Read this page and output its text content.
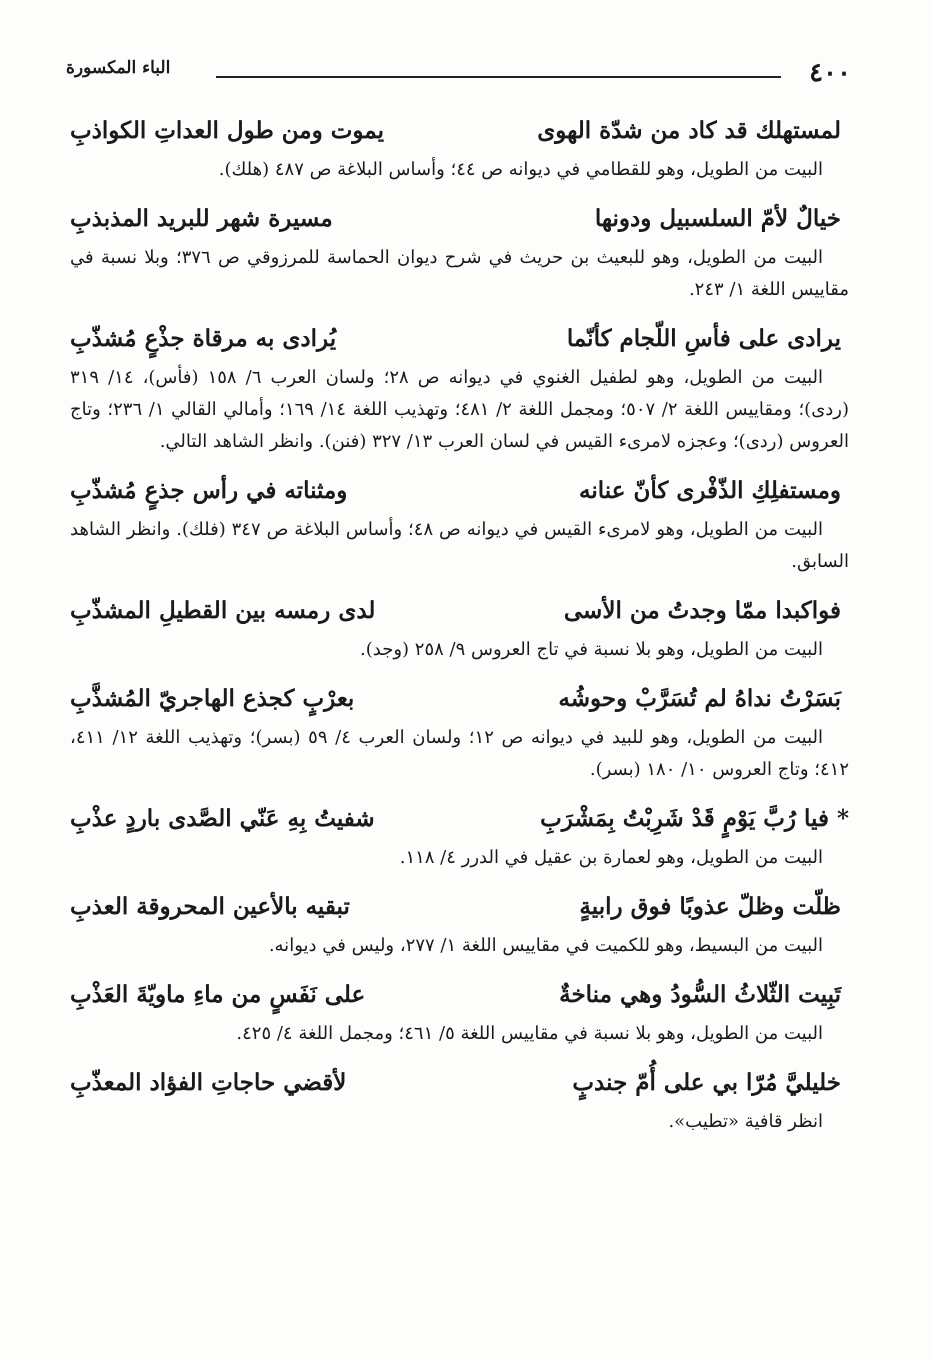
٤٠٠
الباء المكسورة
لمستهلك قد كاد من شدّة الهوى
يموت ومن طول العداتِ الكواذبِ
البيت من الطويل، وهو للقطامي في ديوانه ص ٤٤؛ وأساس البلاغة ص ٤٨٧ (هلك).
خيالٌ لأمّ السلسبيل ودونها
مسيرة شهر للبريد المذبذبِ
البيت من الطويل، وهو للبعيث بن حريث في شرح ديوان الحماسة للمرزوقي ص ٣٧٦؛ وبلا نسبة في مقاييس اللغة ١/ ٢٤٣.
يرادى على فأسِ اللّجام كأنّما
يُرادى به مرقاة جذْعٍ مُشذّبِ
البيت من الطويل، وهو لطفيل الغنوي في ديوانه ص ٢٨؛ ولسان العرب ٦/ ١٥٨ (فأس)، ١٤/ ٣١٩ (ردى)؛ ومقاييس اللغة ٢/ ٥٠٧؛ ومجمل اللغة ٢/ ٤٨١؛ وتهذيب اللغة ١٤/ ١٦٩؛ وأمالي القالي ١/ ٢٣٦؛ وتاج العروس (ردى)؛ وعجزه لامرىء القيس في لسان العرب ١٣/ ٣٢٧ (فنن). وانظر الشاهد التالي.
ومستفلِكِ الذّفْرى كأنّ عنانه
ومثناته في رأس جذعٍ مُشذّبِ
البيت من الطويل، وهو لامرىء القيس في ديوانه ص ٤٨؛ وأساس البلاغة ص ٣٤٧ (فلك). وانظر الشاهد السابق.
فواكبدا ممّا وجدتُ من الأسى
لدى رمسه بين القطيلِ المشذّبِ
البيت من الطويل، وهو بلا نسبة في تاج العروس ٩/ ٢٥٨ (وجد).
بَسَرْتُ نداهُ لم تُسَرَّبْ وحوشُه
بعرْبٍ كجذع الهاجريّ المُشذَّبِ
البيت من الطويل، وهو للبيد في ديوانه ص ١٢؛ ولسان العرب ٤/ ٥٩ (بسر)؛ وتهذيب اللغة ١٢/ ٤١١، ٤١٢؛ وتاج العروس ١٠/ ١٨٠ (بسر).
*فيا رُبَّ يَوْمٍ قَدْ شَرِبْتُ بِمَشْرَبِ
شفيتُ بِهِ عَنّي الصَّدى باردٍ عذْبِ
البيت من الطويل، وهو لعمارة بن عقيل في الدرر ٤/ ١١٨.
ظلّت وظلّ عذوبًا فوق رابيةٍ
تبقيه بالأعين المحروقة العذبِ
البيت من البسيط، وهو للكميت في مقاييس اللغة ١/ ٢٧٧، وليس في ديوانه.
تَبِيت الثّلاثُ السُّودُ وهي مناخةٌ
على نَفَسٍ من ماءِ ماويّةَ العَذْبِ
البيت من الطويل، وهو بلا نسبة في مقاييس اللغة ٥/ ٤٦١؛ ومجمل اللغة ٤/ ٤٢٥.
خليليَّ مُرّا بي على أُمّ جندبٍ
لأقضي حاجاتِ الفؤاد المعذّبِ
انظر قافية «تطيب».
